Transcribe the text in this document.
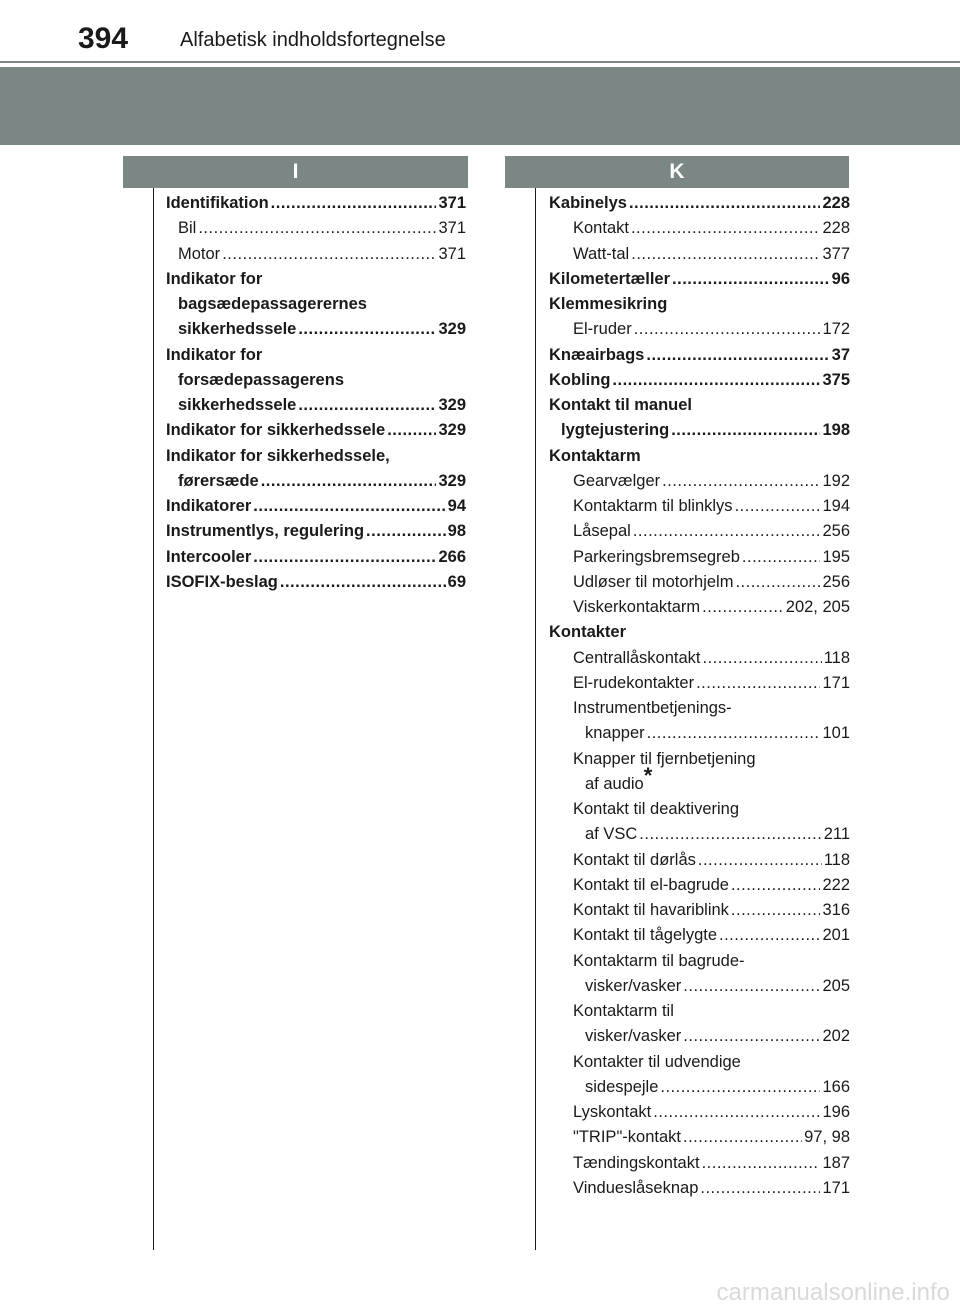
394	Alfabetisk indholdsfortegnelse
I	K
Identifikation .....	371
Bil .....	371
Motor .....	371
Indikator for
bagsædepassagerernes
sikkerhedssele .....	329
Indikator for
forsædepassagerens
sikkerhedssele .....	329
Indikator for sikkerhedssele .....	329
Indikator for sikkerhedssele,
førersæde .....	329
Indikatorer .....	94
Instrumentlys, regulering .....	98
Intercooler .....	266
ISOFIX-beslag .....	69
Kabinelys .....	228
Kontakt .....	228
Watt-tal .....	377
Kilometertæller .....	96
Klemmesikring
El-ruder .....	172
Knæairbags .....	37
Kobling .....	375
Kontakt til manuel
lygtejustering .....	198
Kontaktarm
Gearvælger .....	192
Kontaktarm til blinklys .....	194
Låsepal .....	256
Parkeringsbremsegreb .....	195
Udløser til motorhjelm .....	256
Viskerkontaktarm .....	202, 205
Kontakter
Centrallåskontakt .....	118
El-rudekontakter .....	171
Instrumentbetjenings-
knapper .....	101
Knapper til fjernbetjening
af audio *
Kontakt til deaktivering
af VSC .....	211
Kontakt til dørlås .....	118
Kontakt til el-bagrude .....	222
Kontakt til havariblink .....	316
Kontakt til tågelygte .....	201
Kontaktarm til bagrude-
visker/vasker .....	205
Kontaktarm til
visker/vasker .....	202
Kontakter til udvendige
sidespejle .....	166
Lyskontakt .....	196
"TRIP"-kontakt .....	97, 98
Tændingskontakt .....	187
Vindueslåseknap .....	171
carmanualsonline.info
